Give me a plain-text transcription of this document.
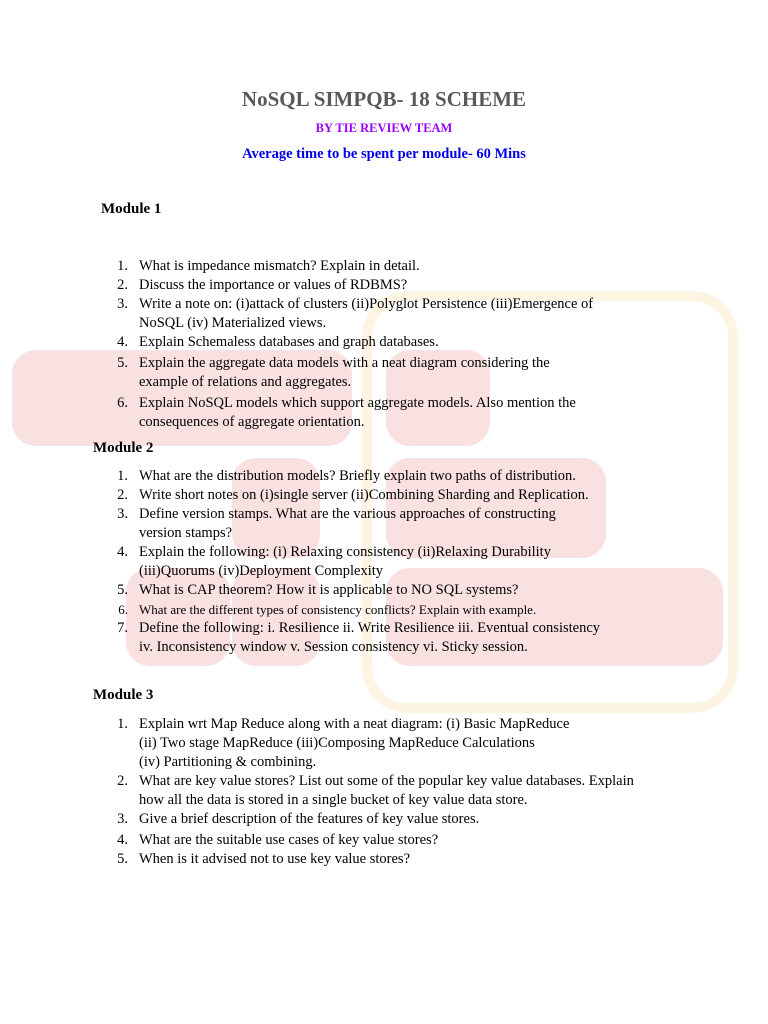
NoSQL SIMPQB- 18 SCHEME
BY TIE REVIEW TEAM
Average time to be spent per module- 60 Mins
Module 1
1. What is impedance mismatch? Explain in detail.
2. Discuss the importance or values of RDBMS?
3. Write a note on: (i)attack of clusters (ii)Polyglot Persistence (iii)Emergence of
NoSQL (iv) Materialized views.
4. Explain Schemaless databases and graph databases.
5. Explain the aggregate data models with a neat diagram considering the
example of relations and aggregates.
6. Explain NoSQL models which support aggregate models. Also mention the
consequences of aggregate orientation.
Module 2
1. What are the distribution models? Briefly explain two paths of distribution.
2. Write short notes on (i)single server (ii)Combining Sharding and Replication.
3. Define version stamps. What are the various approaches of constructing
version stamps?
4. Explain the following: (i) Relaxing consistency (ii)Relaxing Durability
(iii)Quorums (iv)Deployment Complexity
5. What is CAP theorem? How it is applicable to NO SQL systems?
6. What are the different types of consistency conflicts? Explain with example.
7. Define the following: i. Resilience ii. Write Resilience iii. Eventual consistency
iv. Inconsistency window v. Session consistency vi. Sticky session.
Module 3
1. Explain wrt Map Reduce along with a neat diagram: (i) Basic MapReduce
(ii) Two stage MapReduce (iii)Composing MapReduce Calculations
(iv) Partitioning & combining.
2. What are key value stores? List out some of the popular key value databases. Explain
how all the data is stored in a single bucket of key value data store.
3. Give a brief description of the features of key value stores.
4. What are the suitable use cases of key value stores?
5. When is it advised not to use key value stores?
